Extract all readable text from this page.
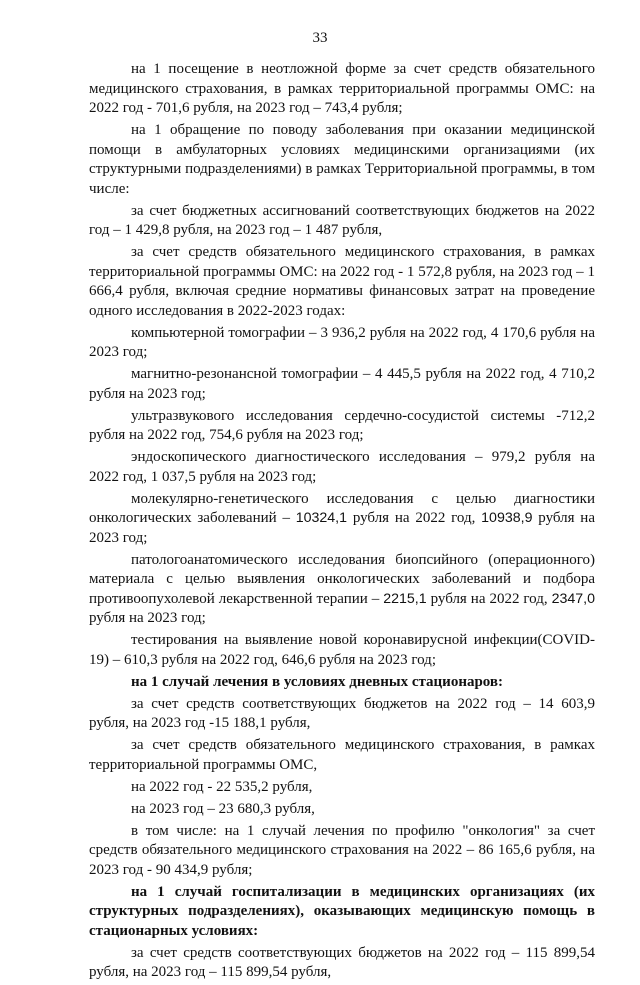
33

на 1 посещение в неотложной форме за счет средств обязательного медицинского страхования, в рамках территориальной программы ОМС: на 2022 год - 701,6 рубля, на 2023 год – 743,4 рубля;

на 1 обращение по поводу заболевания при оказании медицинской помощи в амбулаторных условиях медицинскими организациями (их структурными подразделениями) в рамках Территориальной программы, в том числе:

за счет бюджетных ассигнований соответствующих бюджетов на 2022 год – 1 429,8 рубля, на 2023 год – 1 487 рубля,

за счет средств обязательного медицинского страхования, в рамках территориальной программы ОМС: на 2022 год - 1 572,8 рубля, на 2023 год – 1 666,4 рубля, включая средние нормативы финансовых затрат на проведение одного исследования в 2022-2023 годах:

компьютерной томографии – 3 936,2 рубля на 2022 год, 4 170,6 рубля на 2023 год;

магнитно-резонансной томографии – 4 445,5 рубля на 2022 год, 4 710,2 рубля на 2023 год;

ультразвукового исследования сердечно-сосудистой системы -712,2 рубля на 2022 год, 754,6 рубля на 2023 год;

эндоскопического диагностического исследования – 979,2 рубля на 2022 год, 1 037,5 рубля на 2023 год;

молекулярно-генетического исследования с целью диагностики онкологических заболеваний – 10324,1 рубля на 2022 год, 10938,9 рубля на 2023 год;

патологоанатомического исследования биопсийного (операционного) материала с целью выявления онкологических заболеваний и подбора противоопухолевой лекарственной терапии – 2215,1 рубля на 2022 год, 2347,0 рубля на 2023 год;

тестирования на выявление новой коронавирусной инфекции(COVID-19) – 610,3 рубля на 2022 год, 646,6 рубля на 2023 год;

на 1 случай лечения в условиях дневных стационаров:

за счет средств соответствующих бюджетов на 2022 год – 14 603,9 рубля, на 2023 год -15 188,1 рубля,

за счет средств обязательного медицинского страхования, в рамках территориальной программы ОМС,

на 2022 год - 22 535,2 рубля,

на 2023 год – 23 680,3 рубля,

в том числе: на 1 случай лечения по профилю "онкология" за счет средств обязательного медицинского страхования на 2022 – 86 165,6 рубля, на 2023 год - 90 434,9 рубля;

на 1 случай госпитализации в медицинских организациях (их структурных подразделениях), оказывающих медицинскую помощь в стационарных условиях:

за счет средств соответствующих бюджетов на 2022 год – 115 899,54 рубля, на 2023 год – 115 899,54 рубля,
